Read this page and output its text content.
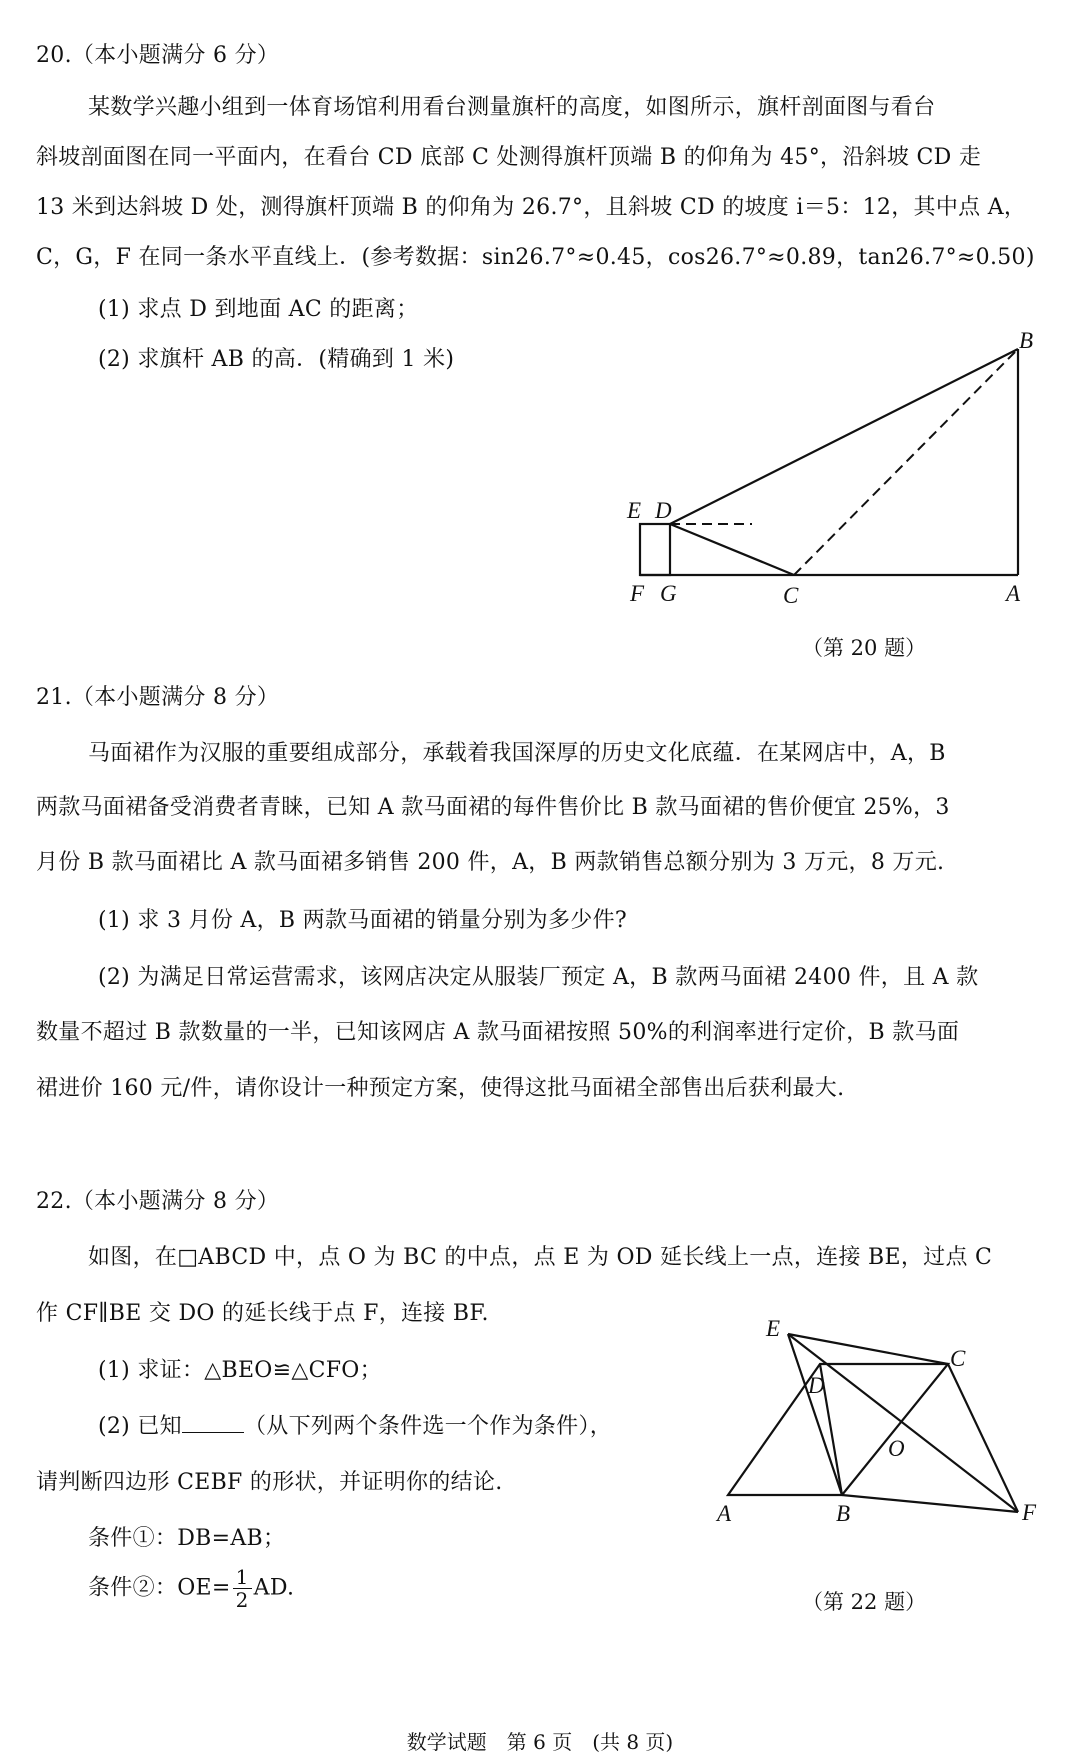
20.（本小题满分 6 分）
某数学兴趣小组到一体育场馆利用看台测量旗杆的高度，如图所示，旗杆剖面图与看台
斜坡剖面图在同一平面内，在看台 CD 底部 C 处测得旗杆顶端 B 的仰角为 45°，沿斜坡 CD 走
13 米到达斜坡 D 处，测得旗杆顶端 B 的仰角为 26.7°，且斜坡 CD 的坡度 i＝5：12，其中点 A，
C，G，F 在同一条水平直线上．(参考数据：sin26.7°≈0.45，cos26.7°≈0.89，tan26.7°≈0.50)
(1) 求点 D 到地面 AC 的距离；
(2) 求旗杆 AB 的高．(精确到 1 米)
B
E D
F G	C	A
（第 20 题）
21.（本小题满分 8 分）
马面裙作为汉服的重要组成部分，承载着我国深厚的历史文化底蕴．在某网店中，A，B
两款马面裙备受消费者青睐，已知 A 款马面裙的每件售价比 B 款马面裙的售价便宜 25%，3
月份 B 款马面裙比 A 款马面裙多销售 200 件，A，B 两款销售总额分别为 3 万元，8 万元.
(1) 求 3 月份 A，B 两款马面裙的销量分别为多少件?
(2) 为满足日常运营需求，该网店决定从服装厂预定 A，B 款两马面裙 2400 件，且 A 款
数量不超过 B 款数量的一半，已知该网店 A 款马面裙按照 50%的利润率进行定价，B 款马面
裙进价 160 元/件，请你设计一种预定方案，使得这批马面裙全部售出后获利最大.
22.（本小题满分 8 分）
如图，在□ABCD 中，点 O 为 BC 的中点，点 E 为 OD 延长线上一点，连接 BE，过点 C
作 CF∥BE 交 DO 的延长线于点 F，连接 BF.
(1) 求证：△BEO≌△CFO；
(2) 已知	（从下列两个条件选一个作为条件），
请判断四边形 CEBF 的形状，并证明你的结论.
条件①：DB=AB；
条件②：$OE= \frac{1}{2}$ AD.
E
C
D
O
A	B	F
（第 22 题）
数学试题　第 6 页　(共 8 页)
